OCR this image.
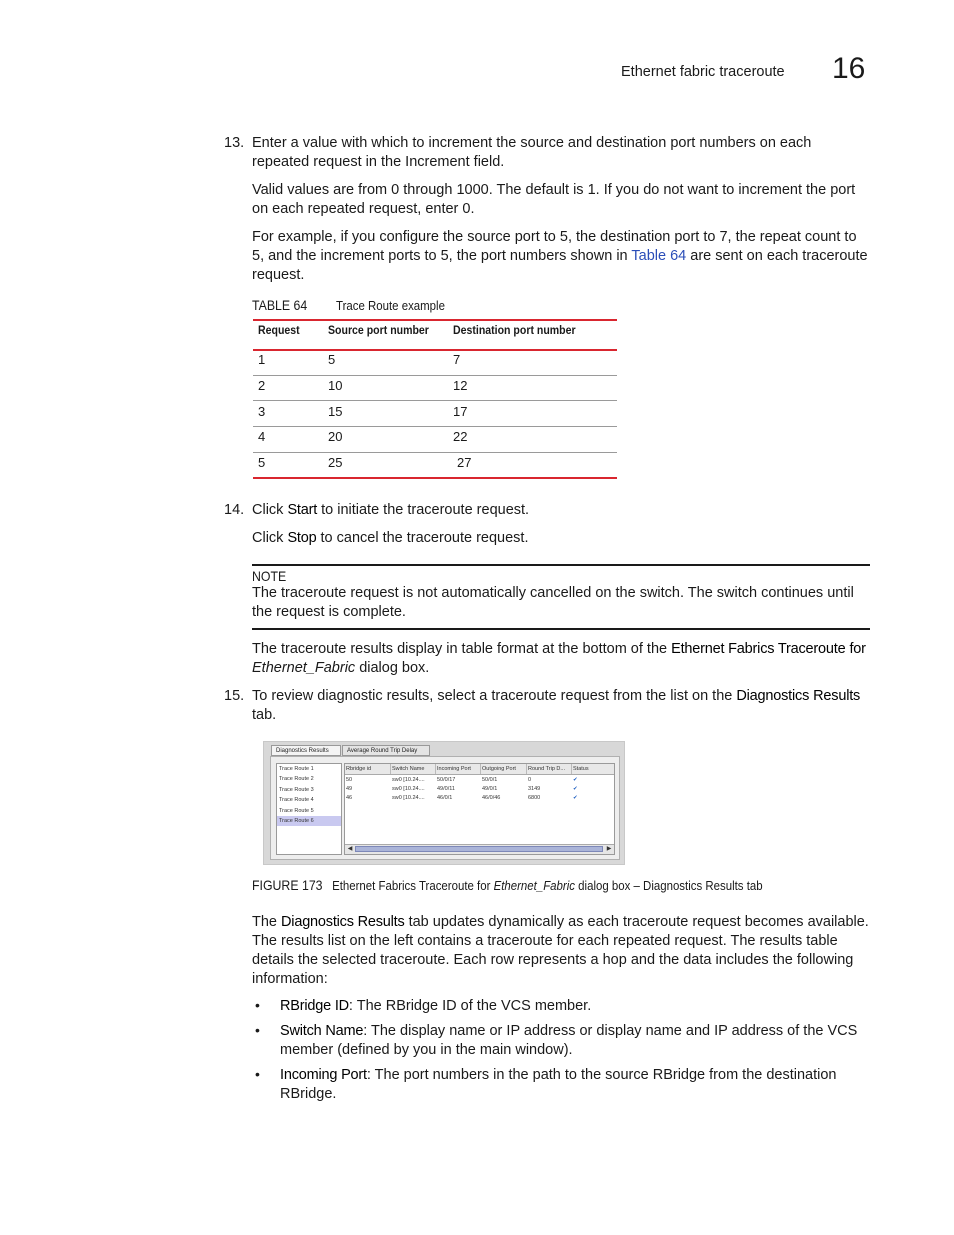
Ethernet fabric traceroute 16
13. Enter a value with which to increment the source and destination port numbers on each repeated request in the Increment field.
Valid values are from 0 through 1000. The default is 1. If you do not want to increment the port on each repeated request, enter 0.
For example, if you configure the source port to 5, the destination port to 7, the repeat count to 5, and the increment ports to 5, the port numbers shown in Table 64 are sent on each traceroute request.
TABLE 64 Trace Route example
Request Source port number Destination port number
1	5	7
2	10	12
3	15	17
4	20	22
5	25	27
14. Click Start to initiate the traceroute request.
Click Stop to cancel the traceroute request.
NOTE
The traceroute request is not automatically cancelled on the switch. The switch continues until the request is complete.
The traceroute results display in table format at the bottom of the Ethernet Fabrics Traceroute for Ethernet_Fabric dialog box.
15. To review diagnostic results, select a traceroute request from the list on the Diagnostics Results tab.
Diagnostics Results	Average Round Trip Delay
Trace Route 1
Trace Route 2
Trace Route 3
Trace Route 4
Trace Route 5
Trace Route 6
Rbridge id	Switch Name	Incoming Port	Outgoing Port	Round Trip D...	Status
50	sw0 [10.24....	50/0/17	50/0/1	0	✔
49	sw0 [10.24....	49/0/11	49/0/1	3149	✔
46	sw0 [10.24....	46/0/1	46/0/46	6800	✔
◀	▶
FIGURE 173 Ethernet Fabrics Traceroute for Ethernet_Fabric dialog box – Diagnostics Results tab
The Diagnostics Results tab updates dynamically as each traceroute request becomes available. The results list on the left contains a traceroute for each repeated request. The results table details the selected traceroute. Each row represents a hop and the data includes the following information:
• RBridge ID: The RBridge ID of the VCS member.
• Switch Name: The display name or IP address or display name and IP address of the VCS member (defined by you in the main window).
• Incoming Port: The port numbers in the path to the source RBridge from the destination RBridge.
